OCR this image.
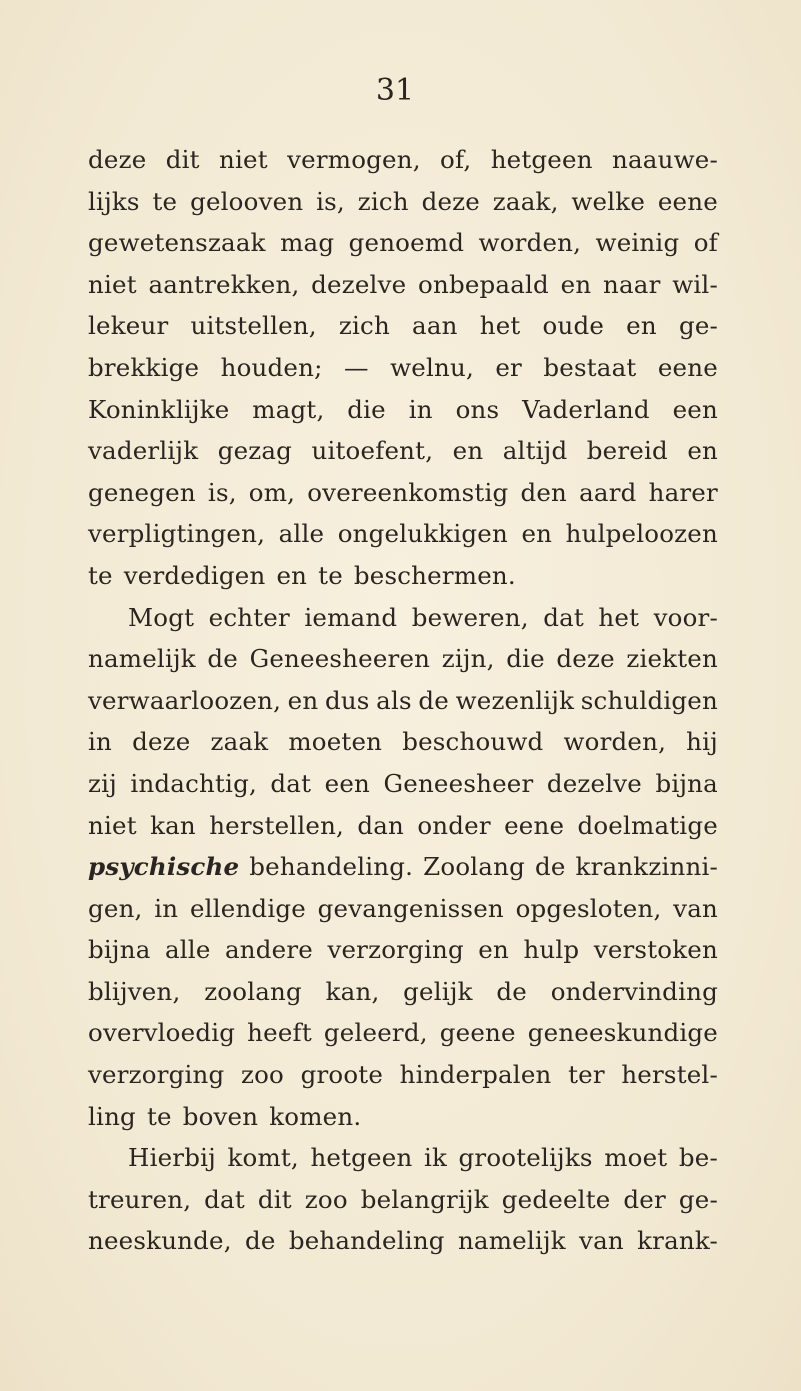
31
deze dit niet vermogen, of, hetgeen naauwe-
lijks te gelooven is, zich deze zaak, welke eene
gewetenszaak mag genoemd worden, weinig of
niet aantrekken, dezelve onbepaald en naar wil-
lekeur uitstellen, zich aan het oude en ge-
brekkige houden; — welnu, er bestaat eene
Koninklijke magt, die in ons Vaderland een
vaderlijk gezag uitoefent, en altijd bereid en
genegen is, om, overeenkomstig den aard harer
verpligtingen, alle ongelukkigen en hulpeloozen
te verdedigen en te beschermen.
Mogt echter iemand beweren, dat het voor-
namelijk de Geneesheeren zijn, die deze ziekten
verwaarloozen, en dus als de wezenlijk schuldigen
in deze zaak moeten beschouwd worden, hij
zij indachtig, dat een Geneesheer dezelve bijna
niet kan herstellen, dan onder eene doelmatige
psychische behandeling. Zoolang de krankzinni-
gen, in ellendige gevangenissen opgesloten, van
bijna alle andere verzorging en hulp verstoken
blijven, zoolang kan, gelijk de ondervinding
overvloedig heeft geleerd, geene geneeskundige
verzorging zoo groote hinderpalen ter herstel-
ling te boven komen.
Hierbij komt, hetgeen ik grootelijks moet be-
treuren, dat dit zoo belangrijk gedeelte der ge-
neeskunde, de behandeling namelijk van krank-
